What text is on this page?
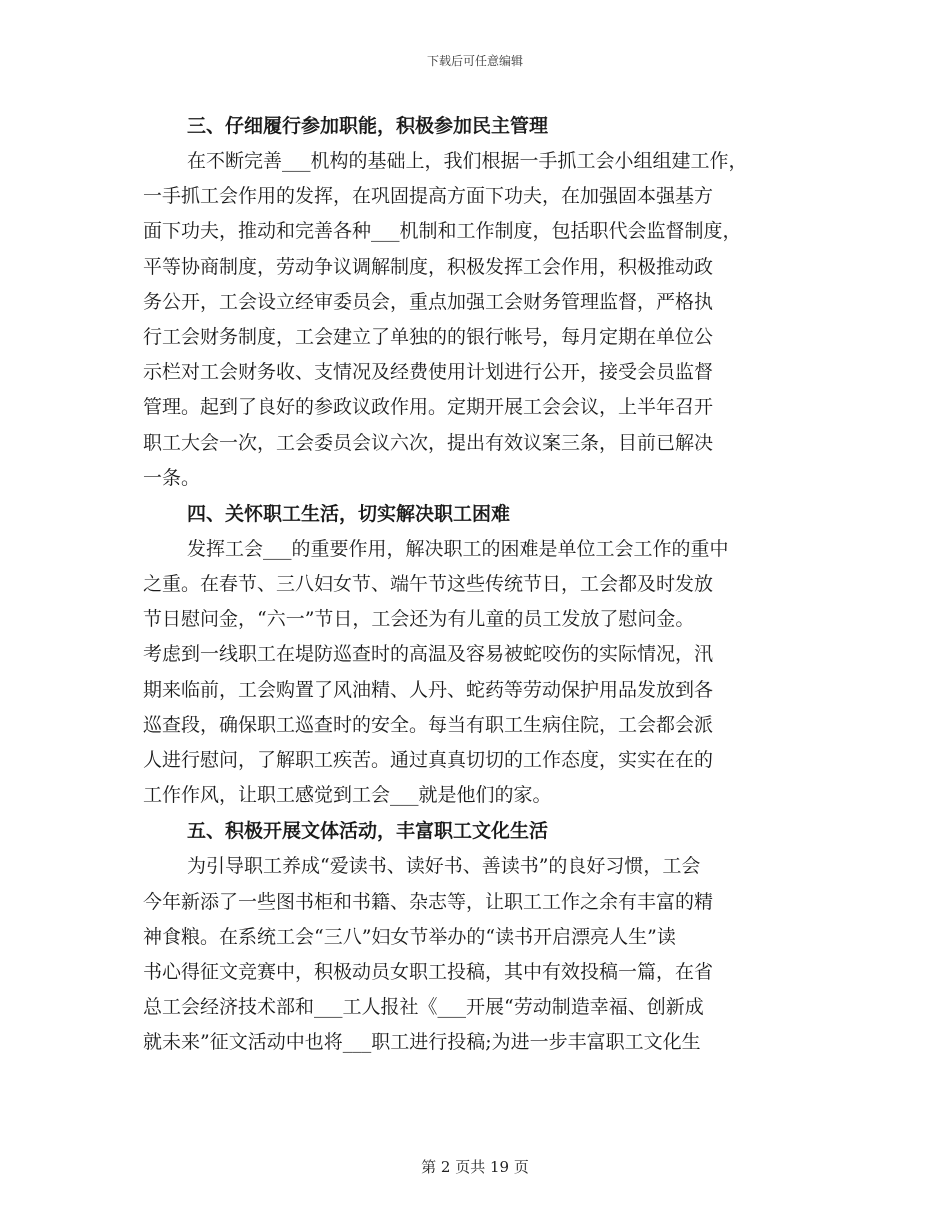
下载后可任意编辑
三、仔细履行参加职能，积极参加民主管理
在不断完善___机构的基础上，我们根据一手抓工会小组组建工作，
一手抓工会作用的发挥，在巩固提高方面下功夫，在加强固本强基方
面下功夫，推动和完善各种___机制和工作制度，包括职代会监督制度，
平等协商制度，劳动争议调解制度，积极发挥工会作用，积极推动政
务公开，工会设立经审委员会，重点加强工会财务管理监督，严格执
行工会财务制度，工会建立了单独的的银行帐号，每月定期在单位公
示栏对工会财务收、支情况及经费使用计划进行公开，接受会员监督
管理。起到了良好的参政议政作用。定期开展工会会议，上半年召开
职工大会一次，工会委员会议六次，提出有效议案三条，目前已解决
一条。
四、关怀职工生活，切实解决职工困难
发挥工会___的重要作用，解决职工的困难是单位工会工作的重中
之重。在春节、三八妇女节、端午节这些传统节日，工会都及时发放
节日慰问金，“六一”节日，工会还为有儿童的员工发放了慰问金。
考虑到一线职工在堤防巡查时的高温及容易被蛇咬伤的实际情况，汛
期来临前，工会购置了风油精、人丹、蛇药等劳动保护用品发放到各
巡查段，确保职工巡查时的安全。每当有职工生病住院，工会都会派
人进行慰问，了解职工疾苦。通过真真切切的工作态度，实实在在的
工作作风，让职工感觉到工会___就是他们的家。
五、积极开展文体活动，丰富职工文化生活
为引导职工养成“爱读书、读好书、善读书”的良好习惯，工会
今年新添了一些图书柜和书籍、杂志等，让职工工作之余有丰富的精
神食粮。在系统工会“三八”妇女节举办的“读书开启漂亮人生”读
书心得征文竞赛中，积极动员女职工投稿，其中有效投稿一篇，在省
总工会经济技术部和___工人报社《___开展“劳动制造幸福、创新成
就未来”征文活动中也将___职工进行投稿;为进一步丰富职工文化生
第 2 页共 19 页
